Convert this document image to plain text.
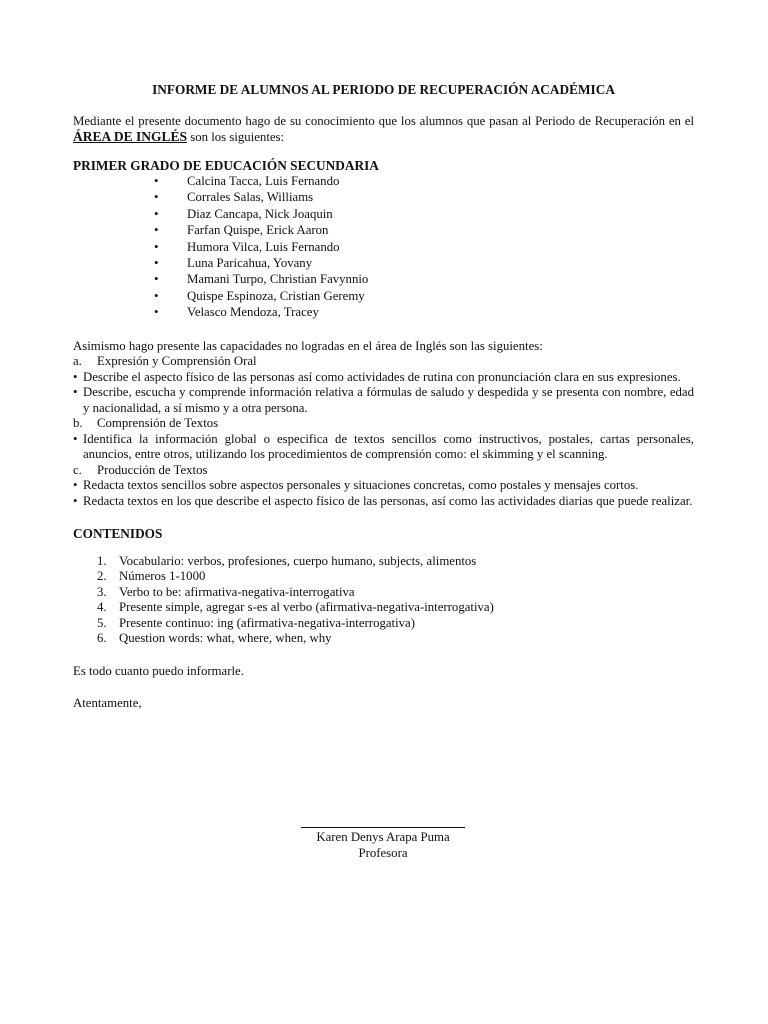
INFORME DE ALUMNOS AL PERIODO DE RECUPERACIÓN ACADÉMICA

Mediante el presente documento hago de su conocimiento que los alumnos que pasan al Periodo de Recuperación en el ÁREA DE INGLÉS son los siguientes:

PRIMER GRADO DE EDUCACIÓN SECUNDARIA

• Calcina Tacca, Luis Fernando
• Corrales Salas, Williams
• Diaz Cancapa, Nick Joaquin
• Farfan Quispe, Erick Aaron
• Humora Vilca, Luis Fernando
• Luna Paricahua, Yovany
• Mamani Turpo, Christian Favynnio
• Quispe Espinoza, Cristian Geremy
• Velasco Mendoza, Tracey

Asimismo hago presente las capacidades no logradas en el área de Inglés son las siguientes:

a. Expresión y Comprensión Oral

• Describe el aspecto físico de las personas así como actividades de rutina con pronunciación clara en sus expresiones.

• Describe, escucha y comprende información relativa a fórmulas de saludo y despedida y se presenta con nombre, edad y nacionalidad, a sí mismo y a otra persona.

b. Comprensión de Textos

• Identifica la información global o especifica de textos sencillos como instructivos, postales, cartas personales, anuncios, entre otros, utilizando los procedimientos de comprensión como: el skimming y el scanning.

c. Producción de Textos

• Redacta textos sencillos sobre aspectos personales y situaciones concretas, como postales y mensajes cortos.

• Redacta textos en los que describe el aspecto físico de las personas, así como las actividades diarias que puede realizar.

CONTENIDOS

1. Vocabulario: verbos, profesiones, cuerpo humano, subjects, alimentos
2. Números 1-1000
3. Verbo to be: afirmativa-negativa-interrogativa
4. Presente simple, agregar s-es al verbo (afirmativa-negativa-interrogativa)
5. Presente continuo: ing (afirmativa-negativa-interrogativa)
6. Question words: what, where, when, why

Es todo cuanto puedo informarle.

Atentamente,

Karen Denys Arapa Puma
Profesora
